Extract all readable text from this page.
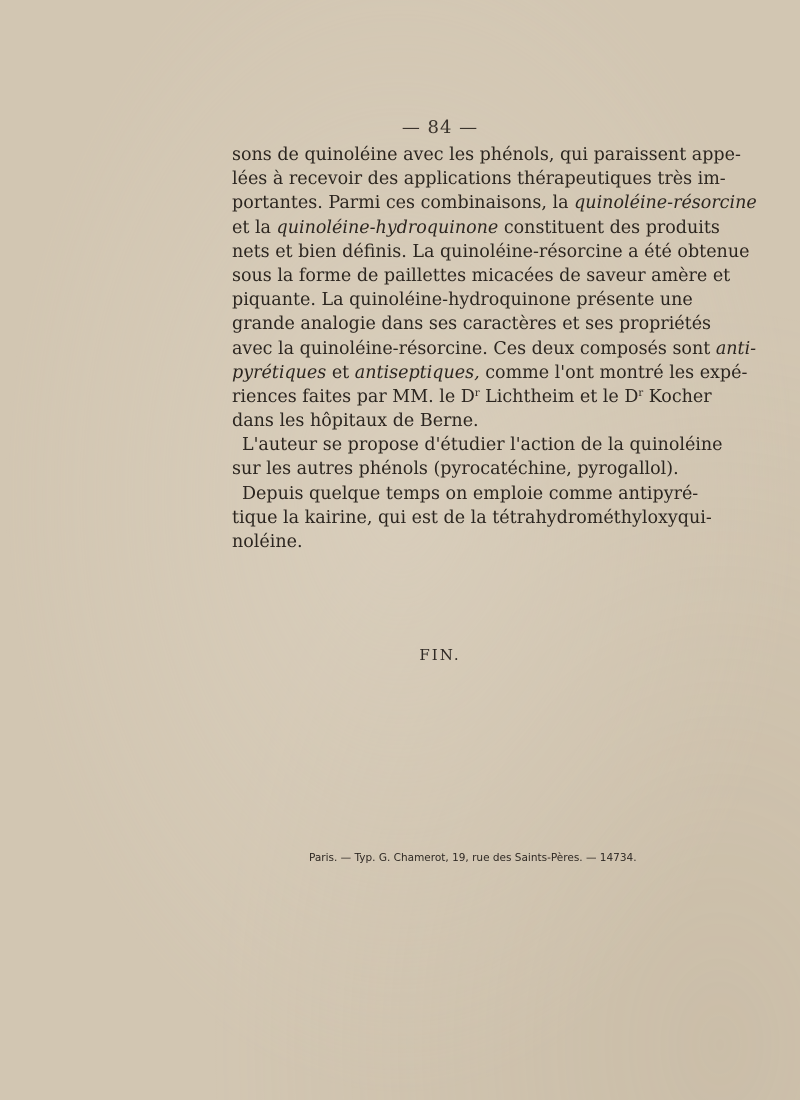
— 84 —
sons de quinoléine avec les phénols, qui paraissent appe-
lées à recevoir des applications thérapeutiques très im-
portantes. Parmi ces combinaisons, la quinoléine-résorcine
et la quinoléine-hydroquinone constituent des produits
nets et bien définis. La quinoléine-résorcine a été obtenue
sous la forme de paillettes micacées de saveur amère et
piquante. La quinoléine-hydroquinone présente une
grande analogie dans ses caractères et ses propriétés
avec la quinoléine-résorcine. Ces deux composés sont anti-
pyrétiques et antiseptiques, comme l'ont montré les expé-
riences faites par MM. le $D^r$ Lichtheim et le $D^r$ Kocher
dans les hôpitaux de Berne.
L'auteur se propose d'étudier l'action de la quinoléine
sur les autres phénols (pyrocatéchine, pyrogallol).
Depuis quelque temps on emploie comme antipyré-
tique la kairine, qui est de la tétrahydrométhyloxyqui-
noléine.
FIN.
Paris. — Typ. G. Chamerot, 19, rue des Saints-Pères. — 14734.
